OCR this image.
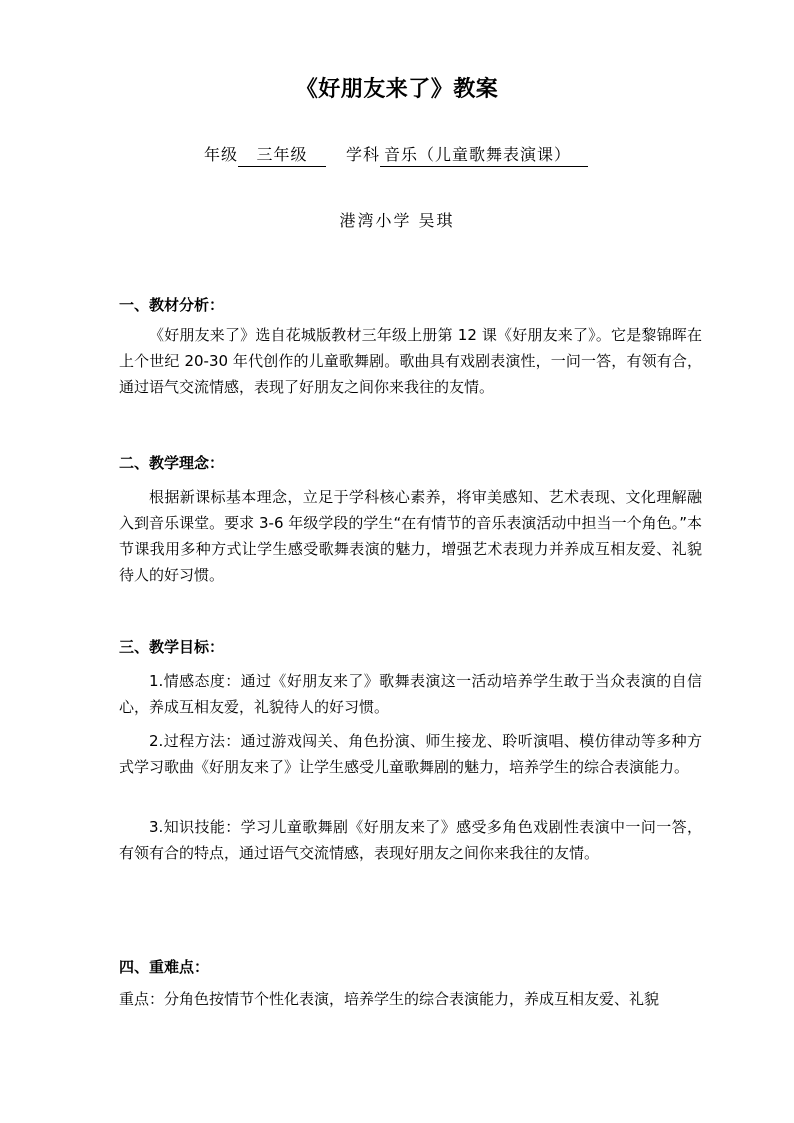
《好朋友来了》教案
年级 三年级 学科 音乐（儿童歌舞表演课）
港湾小学 吴琪
一、教材分析：

《好朋友来了》选自花城版教材三年级上册第 12 课《好朋友来了》。它是黎锦晖在上个世纪 20-30 年代创作的儿童歌舞剧。歌曲具有戏剧表演性，一问一答，有领有合，通过语气交流情感，表现了好朋友之间你来我往的友情。

二、教学理念：

根据新课标基本理念，立足于学科核心素养，将审美感知、艺术表现、文化理解融入到音乐课堂。要求 3-6 年级学段的学生“在有情节的音乐表演活动中担当一个角色。”本节课我用多种方式让学生感受歌舞表演的魅力，增强艺术表现力并养成互相友爱、礼貌待人的好习惯。

三、教学目标：

1.情感态度：通过《好朋友来了》歌舞表演这一活动培养学生敢于当众表演的自信心，养成互相友爱，礼貌待人的好习惯。

2.过程方法：通过游戏闯关、角色扮演、师生接龙、聆听演唱、模仿律动等多种方式学习歌曲《好朋友来了》让学生感受儿童歌舞剧的魅力，培养学生的综合表演能力。

3.知识技能：学习儿童歌舞剧《好朋友来了》感受多角色戏剧性表演中一问一答，有领有合的特点，通过语气交流情感，表现好朋友之间你来我往的友情。

四、重难点：

重点：分角色按情节个性化表演，培养学生的综合表演能力，养成互相友爱、礼貌
